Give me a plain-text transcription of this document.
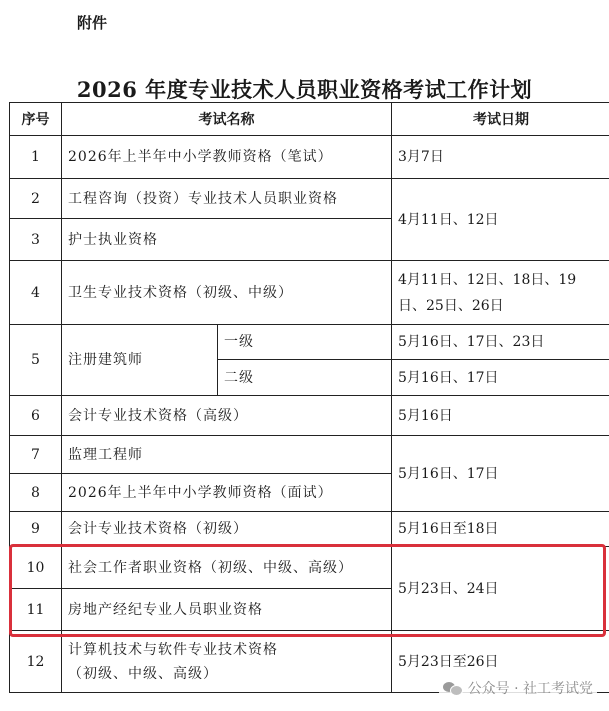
附件
2026 年度专业技术人员职业资格考试工作计划
序号	考试名称		考试日期
1	2026年上半年中小学教师资格（笔试）		3月7日
2	工程咨询（投资）专业技术人员职业资格		4月11日、12日
3	护士执业资格		
4	卫生专业技术资格（初级、中级）		4月11日、12日、18日、19日、25日、26日
5	注册建筑师	一级	5月16日、17日、23日
		二级	5月16日、17日
6	会计专业技术资格（高级）		5月16日
7	监理工程师		5月16日、17日
8	2026年上半年中小学教师资格（面试）		
9	会计专业技术资格（初级）		5月16日至18日
10	社会工作者职业资格（初级、中级、高级）		5月23日、24日
11	房地产经纪专业人员职业资格		
12	计算机技术与软件专业技术资格
（初级、中级、高级）		5月23日至26日
公众号 · 社工考试党
